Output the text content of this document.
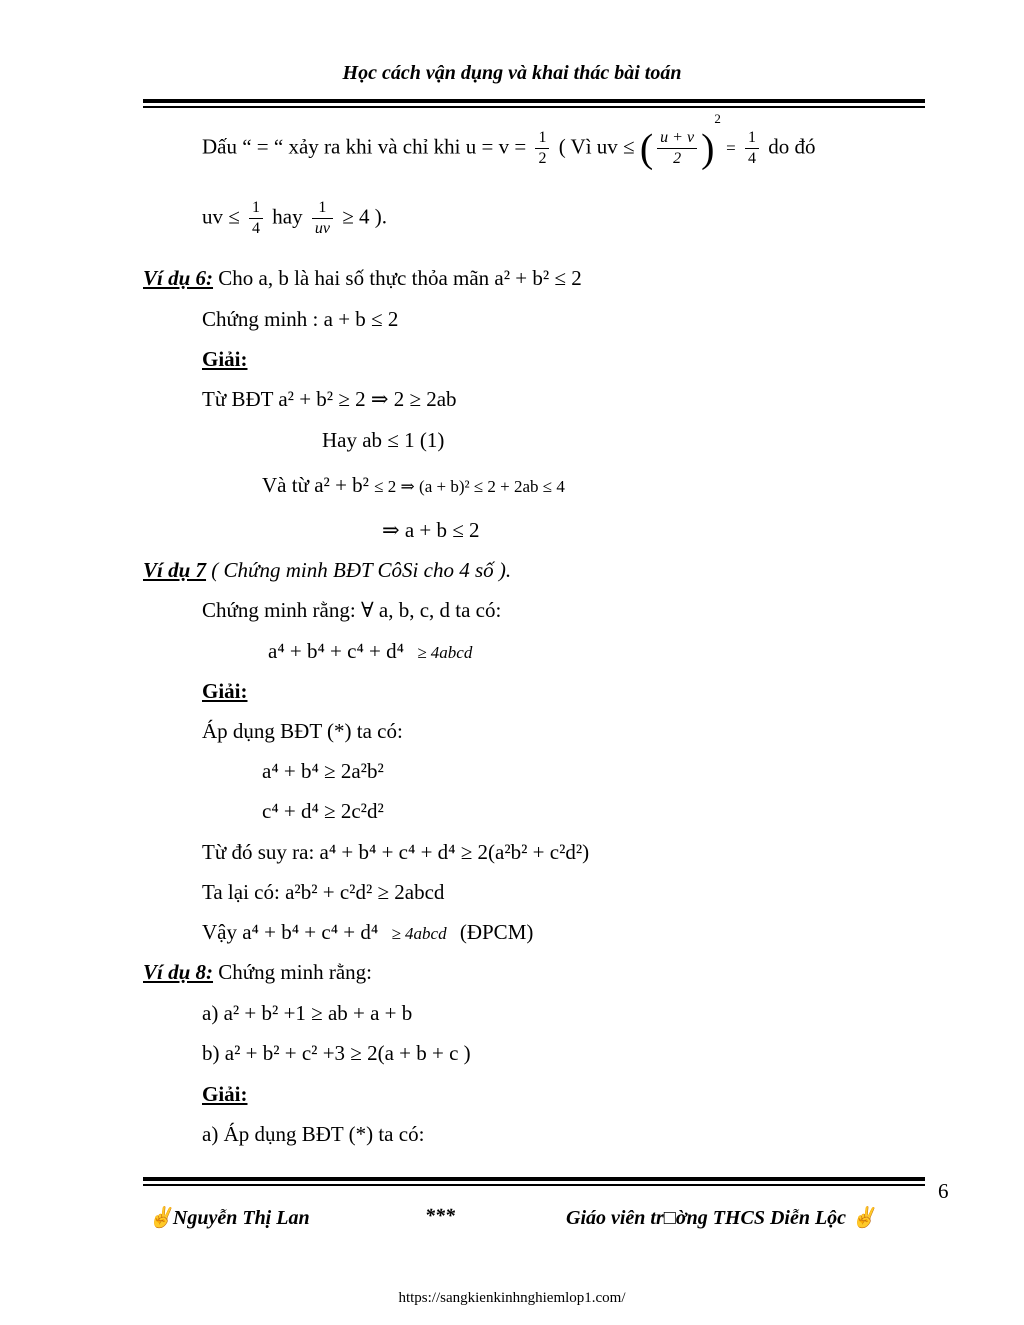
Học cách vận dụng và khai thác bài toán
Dấu “ = “ xảy ra khi và chỉ khi $u = v = \frac{1}{2}$ ( Vì uv ≤ ( $\frac{u + v}{2} )^2 = \frac{1}{4}$ do đó
uv ≤ $\frac{1}{4}$ hay $\frac{1}{uv} \ge 4$ ).
Ví dụ 6: Cho a, b là hai số thực thỏa mãn a² + b² ≤ 2
Chứng minh : a + b ≤ 2
Giải:
Từ BĐT a² + b² ≥ 2 ⇒ 2 ≥ 2ab
Hay ab ≤ 1 (1)
Và từ a² + b² ≤ 2 ⇒ (a + b)² ≤ 2 + 2ab ≤ 4
⇒ a + b ≤ 2
Ví dụ 7 ( Chứng minh BĐT CôSi cho 4 số ).
Chứng minh rằng: ∀ a, b, c, d ta có:
a⁴ + b⁴ + c⁴ + d⁴ ≥ 4abcd
Giải:
Áp dụng BĐT (*) ta có:
a⁴ + b⁴ ≥ 2a²b²
c⁴ + d⁴ ≥ 2c²d²
Từ đó suy ra: a⁴ + b⁴ + c⁴ + d⁴ ≥ 2(a²b² + c²d²)
Ta lại có: a²b² + c²d² ≥ 2abcd
Vậy a⁴ + b⁴ + c⁴ + d⁴ ≥ 4abcd (ĐPCM)
Ví dụ 8: Chứng minh rằng:
a) a² + b² +1 ≥ ab + a + b
b) a² + b² + c² +3 ≥ 2(a + b + c )
Giải:
a) Áp dụng BĐT (*) ta có:
6
✌Nguyễn Thị Lan	***	Giáo viên tr□ờng THCS Diễn Lộc ✌
https://sangkienkinhnghiemlop1.com/
